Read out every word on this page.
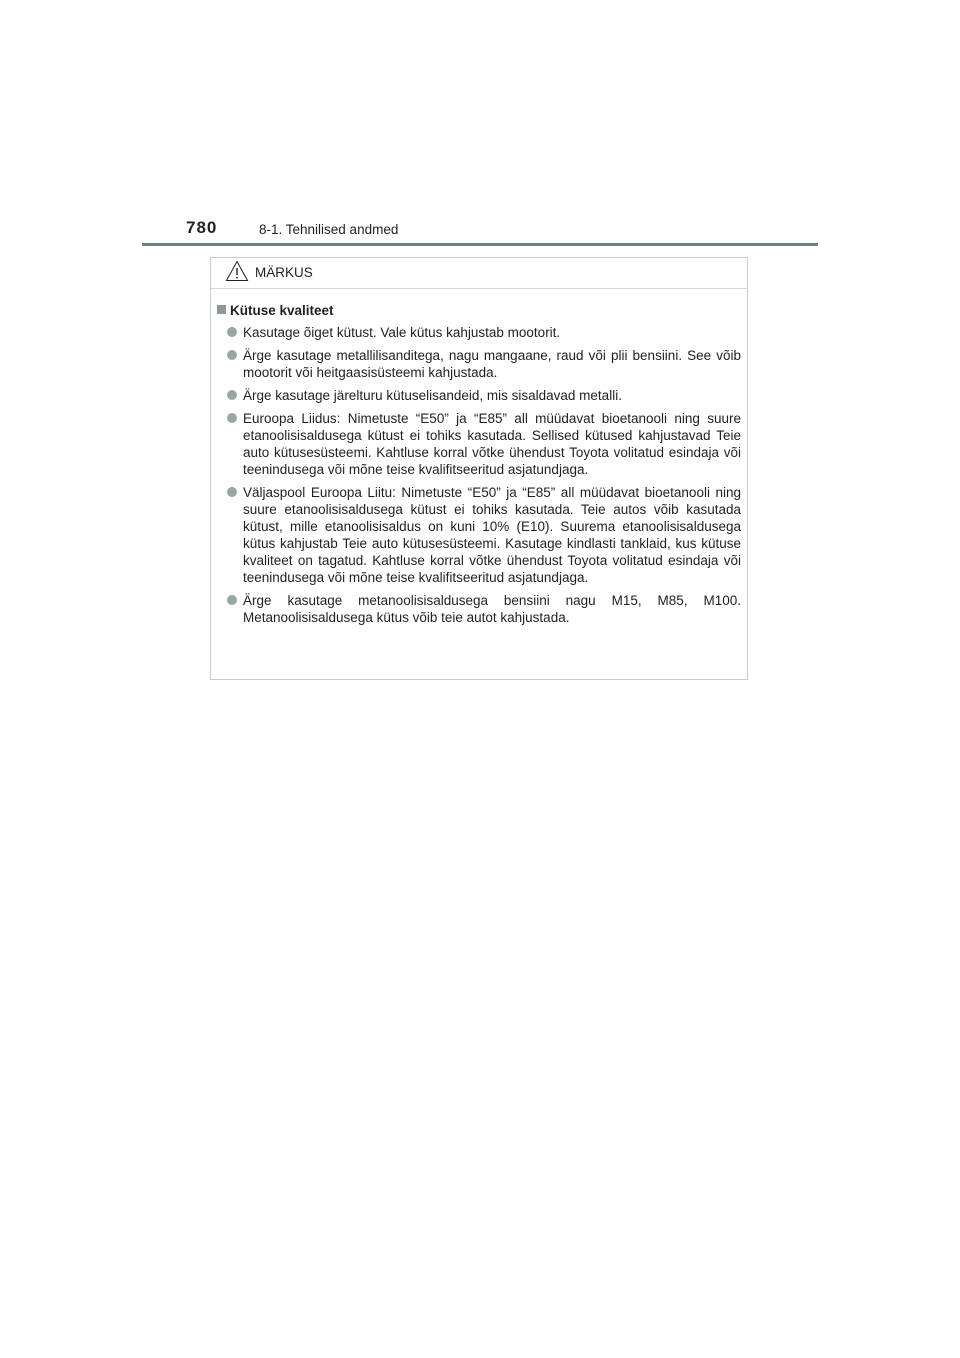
780	8-1. Tehnilised andmed
MÄRKUS
Kütuse kvaliteet
Kasutage õiget kütust. Vale kütus kahjustab mootorit.
Ärge kasutage metallilisanditega, nagu mangaane, raud või plii bensiini. See võib mootorit või heitgaasisüsteemi kahjustada.
Ärge kasutage järelturu kütuselisandeid, mis sisaldavad metalli.
Euroopa Liidus: Nimetuste “E50” ja “E85” all müüdavat bioetanooli ning suure etanoolisisaldusega kütust ei tohiks kasutada. Sellised kütused kahjustavad Teie auto kütusesüsteemi. Kahtluse korral võtke ühendust Toyota volitatud esindaja või teenindusega või mõne teise kvalifitseeritud asjatundjaga.
Väljaspool Euroopa Liitu: Nimetuste “E50” ja “E85” all müüdavat bioetanooli ning suure etanoolisisaldusega kütust ei tohiks kasutada. Teie autos võib kasutada kütust, mille etanoolisisaldus on kuni 10% (E10). Suurema etanoolisisaldusega kütus kahjustab Teie auto kütusesüsteemi. Kasutage kindlasti tanklaid, kus kütuse kvaliteet on tagatud. Kahtluse korral võtke ühendust Toyota volitatud esindaja või teenindusega või mõne teise kvalifitseeritud asjatundjaga.
Ärge kasutage metanoolisisaldusega bensiini nagu M15, M85, M100. Metanoolisisaldusega kütus võib teie autot kahjustada.
